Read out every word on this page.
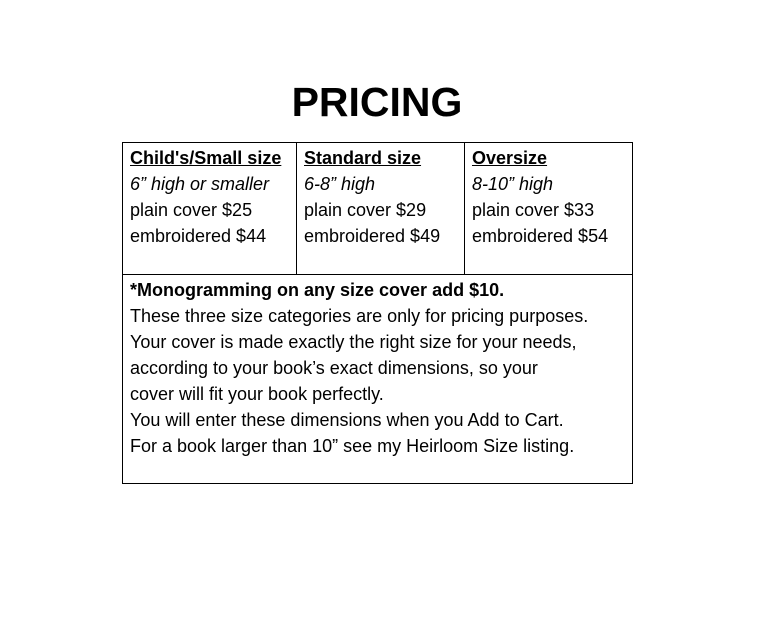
PRICING
Child's/Small size
6” high or smaller
plain cover $25
embroidered $44

Standard size
6-8” high
plain cover $29
embroidered $49

Oversize
8-10” high
plain cover $33
embroidered $54

*Monogramming on any size cover add $10.
These three size categories are only for pricing purposes.
Your cover is made exactly the right size for your needs,
according to your book’s exact dimensions, so your
cover will fit your book perfectly.
You will enter these dimensions when you Add to Cart.
For a book larger than 10” see my Heirloom Size listing.
